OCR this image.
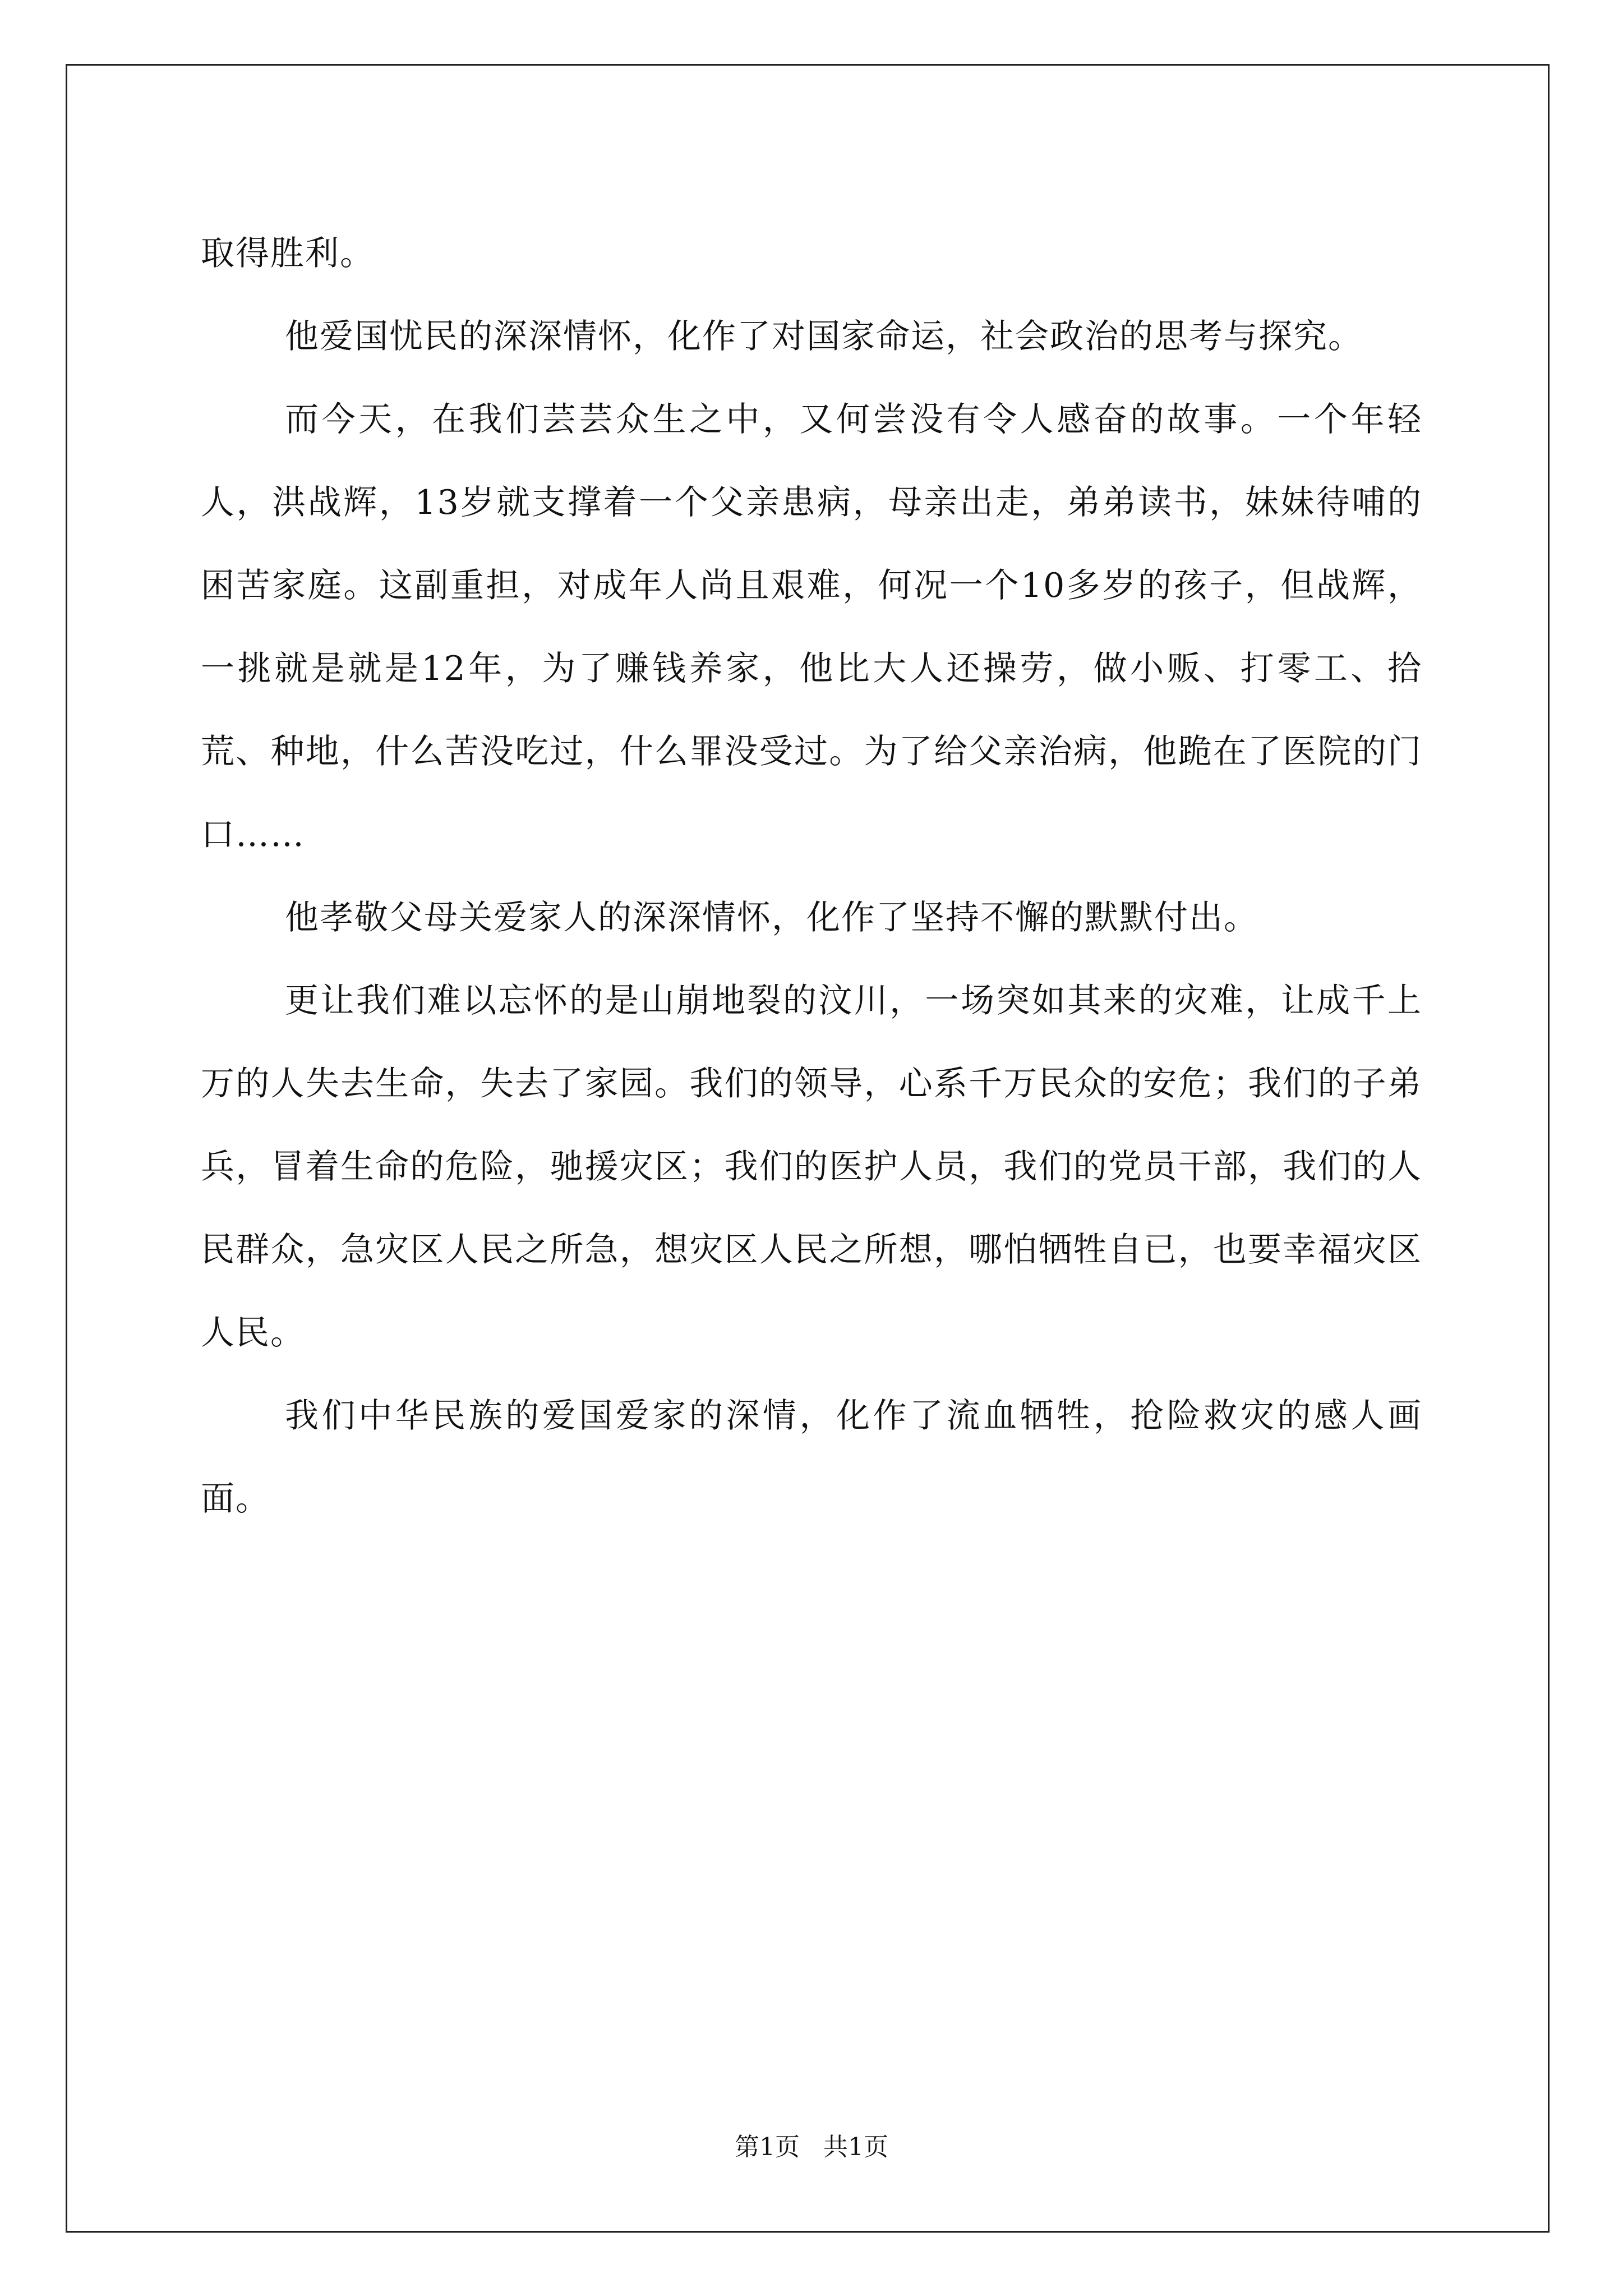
取得胜利。

他爱国忧民的深深情怀，化作了对国家命运，社会政治的思考与探究。

而今天，在我们芸芸众生之中，又何尝没有令人感奋的故事。一个年轻人，洪战辉，13岁就支撑着一个父亲患病，母亲出走，弟弟读书，妹妹待哺的困苦家庭。这副重担，对成年人尚且艰难，何况一个10多岁的孩子，但战辉，一挑就是就是12年，为了赚钱养家，他比大人还操劳，做小贩、打零工、拾荒、种地，什么苦没吃过，什么罪没受过。为了给父亲治病，他跪在了医院的门口……

他孝敬父母关爱家人的深深情怀，化作了坚持不懈的默默付出。

更让我们难以忘怀的是山崩地裂的汶川，一场突如其来的灾难，让成千上万的人失去生命，失去了家园。我们的领导，心系千万民众的安危；我们的子弟兵，冒着生命的危险，驰援灾区；我们的医护人员，我们的党员干部，我们的人民群众，急灾区人民之所急，想灾区人民之所想，哪怕牺牲自已，也要幸福灾区人民。

我们中华民族的爱国爱家的深情，化作了流血牺牲，抢险救灾的感人画面。

第1页 共1页
